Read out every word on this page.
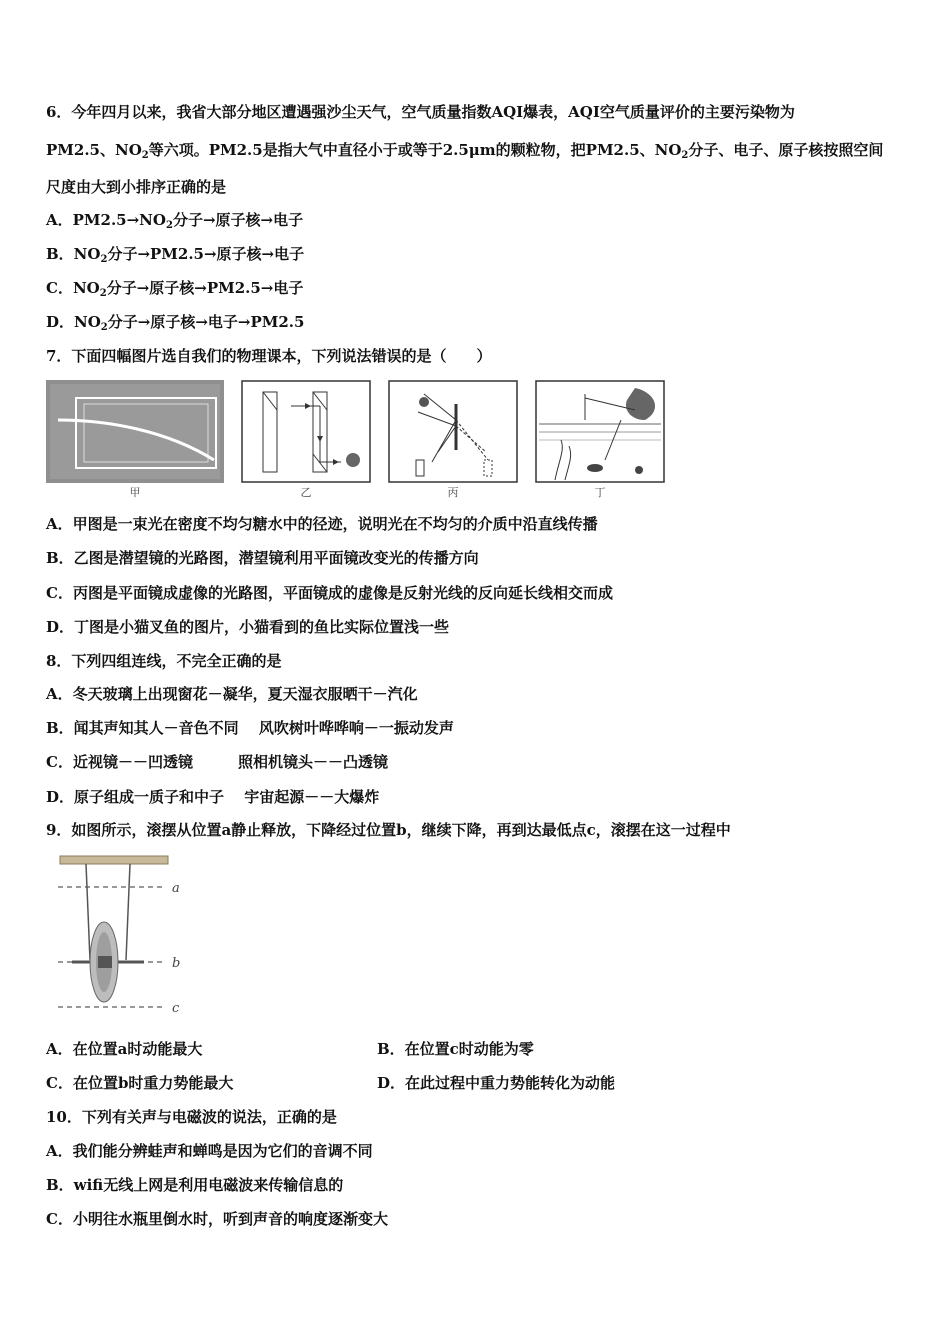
6．今年四月以来，我省大部分地区遭遇强沙尘天气，空气质量指数AQI爆表，AQI空气质量评价的主要污染物为
PM2.5、$NO_2$等六项。PM2.5是指大气中直径小于或等于2.5μm的颗粒物，把PM2.5、$NO_2$分子、电子、原子核按照空间
尺度由大到小排序正确的是
A．$PM2.5\to NO_2$分子→原子核→电子
B．$NO_2$分子→PM2.5→原子核→电子
C．$NO_2$分子→原子核→PM2.5→电子
D．$NO_2$分子→原子核→电子→PM2.5
7．下面四幅图片选自我们的物理课本，下列说法错误的是（　　）
甲	乙	丙	丁
A．甲图是一束光在密度不均匀糖水中的径迹，说明光在不均匀的介质中沿直线传播
B．乙图是潜望镜的光路图，潜望镜利用平面镜改变光的传播方向
C．丙图是平面镜成虚像的光路图，平面镜成的虚像是反射光线的反向延长线相交而成
D．丁图是小猫叉鱼的图片，小猫看到的鱼比实际位置浅一些
8．下列四组连线，不完全正确的是
A．冬天玻璃上出现窗花－凝华，夏天湿衣服晒干－汽化
B．闻其声知其人－音色不同　 风吹树叶哗哗响－一振动发声
C．近视镜－－凹透镜　　　照相机镜头－－凸透镜
D．原子组成一质子和中子　 宇宙起源－－大爆炸
9．如图所示，滚摆从位置a静止释放，下降经过位置b，继续下降，再到达最低点c，滚摆在这一过程中
a
b
c
A．在位置a时动能最大	B．在位置c时动能为零
C．在位置b时重力势能最大	D．在此过程中重力势能转化为动能
10．下列有关声与电磁波的说法，正确的是
A．我们能分辨蛙声和蝉鸣是因为它们的音调不同
B．wifi无线上网是利用电磁波来传输信息的
C．小明往水瓶里倒水时，听到声音的响度逐渐变大
